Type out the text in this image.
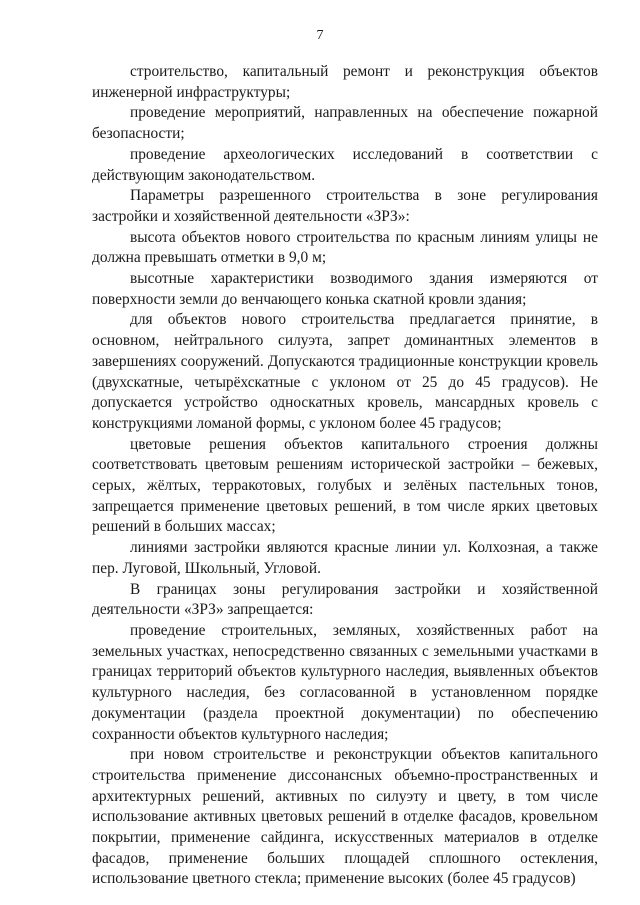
7

строительство, капитальный ремонт и реконструкция объектов инженерной инфраструктуры;

проведение мероприятий, направленных на обеспечение пожарной безопасности;

проведение археологических исследований в соответствии с действующим законодательством.

Параметры разрешенного строительства в зоне регулирования застройки и хозяйственной деятельности «ЗРЗ»:

высота объектов нового строительства по красным линиям улицы не должна превышать отметки в 9,0 м;

высотные характеристики возводимого здания измеряются от поверхности земли до венчающего конька скатной кровли здания;

для объектов нового строительства предлагается принятие, в основном, нейтрального силуэта, запрет доминантных элементов в завершениях сооружений. Допускаются традиционные конструкции кровель (двухскатные, четырёхскатные с уклоном от 25 до 45 градусов). Не допускается устройство односкатных кровель, мансардных кровель с конструкциями ломаной формы, с уклоном более 45 градусов;

цветовые решения объектов капитального строения должны соответствовать цветовым решениям исторической застройки – бежевых, серых, жёлтых, терракотовых, голубых и зелёных пастельных тонов, запрещается применение цветовых решений, в том числе ярких цветовых решений в больших массах;

линиями застройки являются красные линии ул. Колхозная, а также пер. Луговой, Школьный, Угловой.

В границах зоны регулирования застройки и хозяйственной деятельности «ЗРЗ» запрещается:

проведение строительных, земляных, хозяйственных работ на земельных участках, непосредственно связанных с земельными участками в границах территорий объектов культурного наследия, выявленных объектов культурного наследия, без согласованной в установленном порядке документации (раздела проектной документации) по обеспечению сохранности объектов культурного наследия;

при новом строительстве и реконструкции объектов капитального строительства применение диссонансных объемно-пространственных и архитектурных решений, активных по силуэту и цвету, в том числе использование активных цветовых решений в отделке фасадов, кровельном покрытии, применение сайдинга, искусственных материалов в отделке фасадов, применение больших площадей сплошного остекления, использование цветного стекла; применение высоких (более 45 градусов)
